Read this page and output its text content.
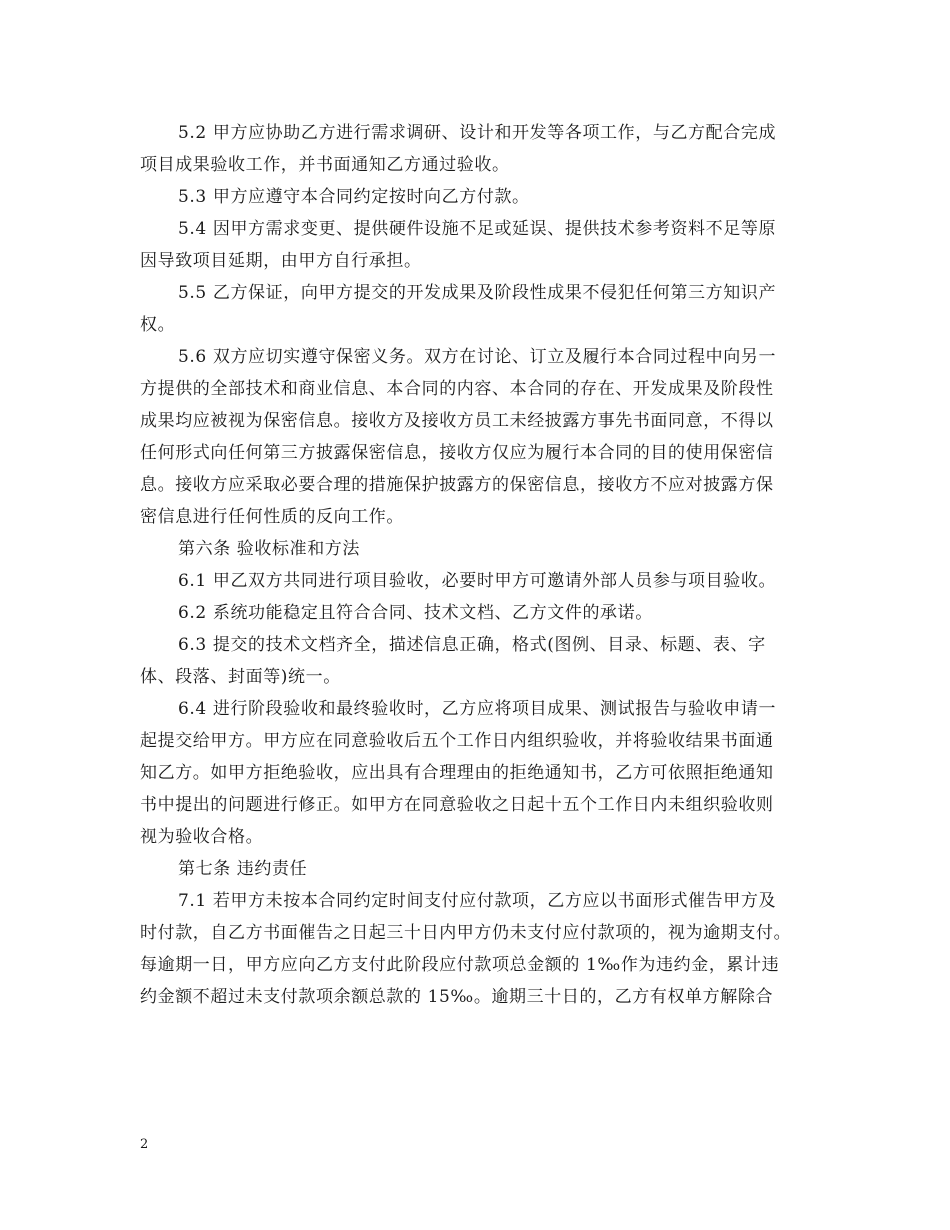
5.2 甲方应协助乙方进行需求调研、设计和开发等各项工作，与乙方配合完成
项目成果验收工作，并书面通知乙方通过验收。
5.3 甲方应遵守本合同约定按时向乙方付款。
5.4 因甲方需求变更、提供硬件设施不足或延误、提供技术参考资料不足等原
因导致项目延期，由甲方自行承担。
5.5 乙方保证，向甲方提交的开发成果及阶段性成果不侵犯任何第三方知识产
权。
5.6 双方应切实遵守保密义务。双方在讨论、订立及履行本合同过程中向另一
方提供的全部技术和商业信息、本合同的内容、本合同的存在、开发成果及阶段性
成果均应被视为保密信息。接收方及接收方员工未经披露方事先书面同意，不得以
任何形式向任何第三方披露保密信息，接收方仅应为履行本合同的目的使用保密信
息。接收方应采取必要合理的措施保护披露方的保密信息，接收方不应对披露方保
密信息进行任何性质的反向工作。
第六条 验收标准和方法
6.1 甲乙双方共同进行项目验收，必要时甲方可邀请外部人员参与项目验收。
6.2 系统功能稳定且符合合同、技术文档、乙方文件的承诺。
6.3 提交的技术文档齐全，描述信息正确，格式(图例、目录、标题、表、字
体、段落、封面等)统一。
6.4 进行阶段验收和最终验收时，乙方应将项目成果、测试报告与验收申请一
起提交给甲方。甲方应在同意验收后五个工作日内组织验收，并将验收结果书面通
知乙方。如甲方拒绝验收，应出具有合理理由的拒绝通知书，乙方可依照拒绝通知
书中提出的问题进行修正。如甲方在同意验收之日起十五个工作日内未组织验收则
视为验收合格。
第七条 违约责任
7.1 若甲方未按本合同约定时间支付应付款项，乙方应以书面形式催告甲方及
时付款，自乙方书面催告之日起三十日内甲方仍未支付应付款项的，视为逾期支付。
每逾期一日，甲方应向乙方支付此阶段应付款项总金额的 1‰作为违约金，累计违
约金额不超过未支付款项余额总款的 15‰。逾期三十日的，乙方有权单方解除合
2
